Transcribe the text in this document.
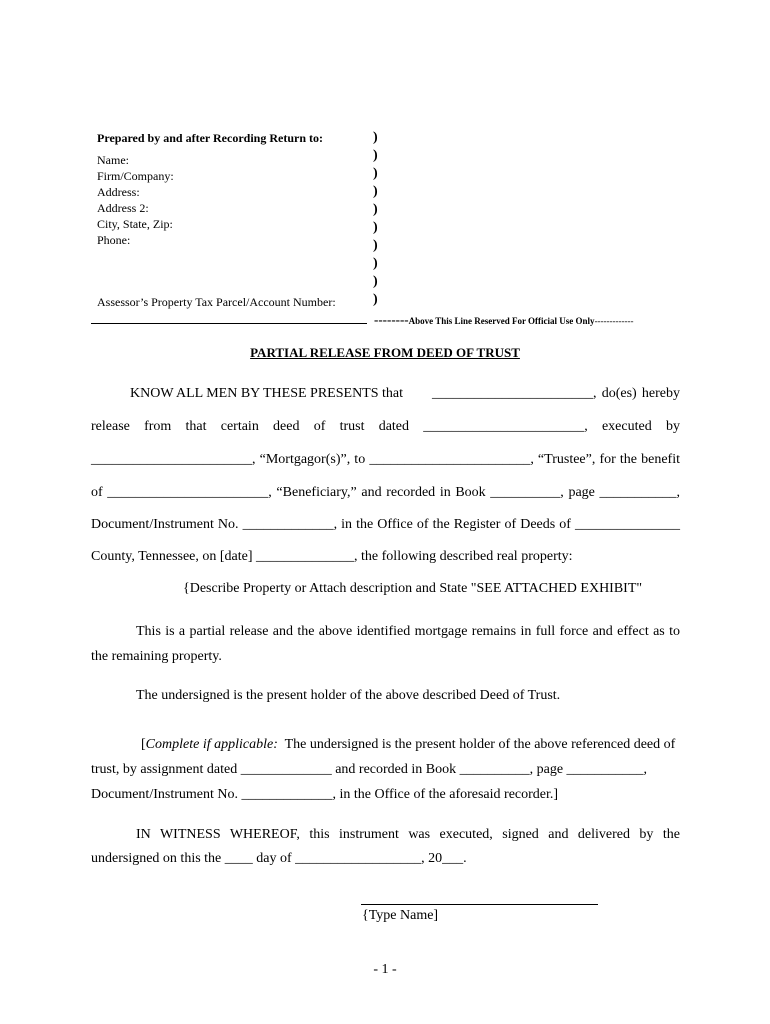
Prepared by and after Recording Return to:
Name:
Firm/Company:
Address:
Address 2:
City, State, Zip:
Phone:
Assessor’s Property Tax Parcel/Account Number:
)
)
)
)
)
)
)
)
)
)
--------Above This Line Reserved For Official Use Only-------------
PARTIAL RELEASE FROM DEED OF TRUST
KNOW ALL MEN BY THESE PRESENTS that _______________________, do(es) hereby
release from that certain deed of trust dated _______________________, executed by
_______________________, “Mortgagor(s)”, to _______________________, “Trustee”, for the benefit
of _______________________, “Beneficiary,” and recorded in Book __________, page ___________,
Document/Instrument No. _____________, in the Office of the Register of Deeds of _______________
County, Tennessee, on [date] ______________, the following described real property:
{Describe Property or Attach description and State "SEE ATTACHED EXHIBIT"
This is a partial release and the above identified mortgage remains in full force and effect as to the remaining property.
The undersigned is the present holder of the above described Deed of Trust.
[Complete if applicable: The undersigned is the present holder of the above referenced deed of
trust, by assignment dated _____________ and recorded in Book __________, page ___________,
Document/Instrument No. _____________, in the Office of the aforesaid recorder.]
IN WITNESS WHEREOF, this instrument was executed, signed and delivered by the
undersigned on this the ____ day of __________________, 20___.
{Type Name]
- 1 -
